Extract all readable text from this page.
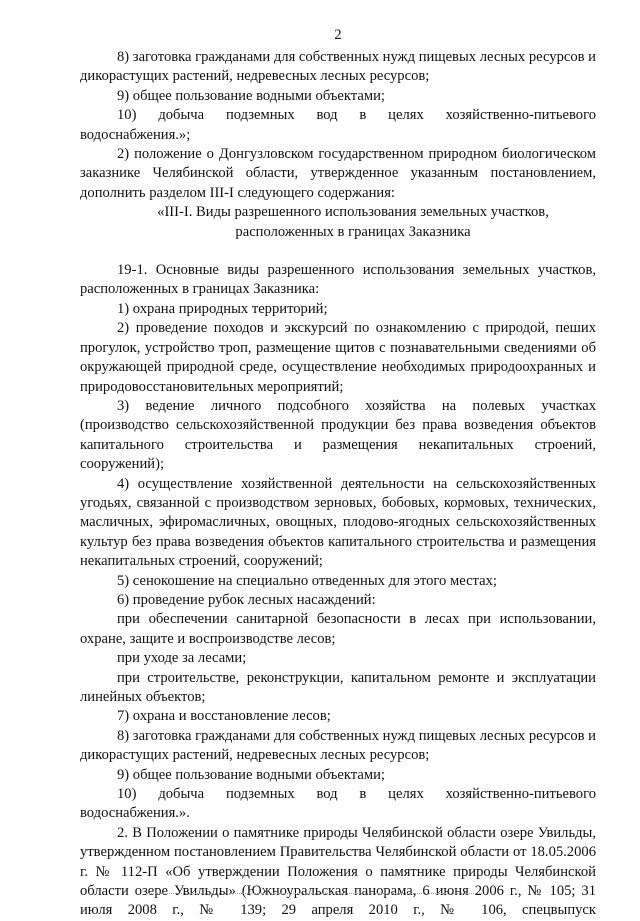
2

8) заготовка гражданами для собственных нужд пищевых лесных ресурсов и дикорастущих растений, недревесных лесных ресурсов;

9) общее пользование водными объектами;

10) добыча подземных вод в целях хозяйственно-питьевого водоснабжения.»;

2) положение о Донгузловском государственном природном биологическом заказнике Челябинской области, утвержденное указанным постановлением, дополнить разделом III-I следующего содержания:

«III-I. Виды разрешенного использования земельных участков,

расположенных в границах Заказника

19-1. Основные виды разрешенного использования земельных участков, расположенных в границах Заказника:

1) охрана природных территорий;

2) проведение походов и экскурсий по ознакомлению с природой, пеших прогулок, устройство троп, размещение щитов с познавательными сведениями об окружающей природной среде, осуществление необходимых природоохранных и природовосстановительных мероприятий;

3) ведение личного подсобного хозяйства на полевых участках (производство сельскохозяйственной продукции без права возведения объектов капитального строительства и размещения некапитальных строений, сооружений);

4) осуществление хозяйственной деятельности на сельскохозяйственных угодьях, связанной с производством зерновых, бобовых, кормовых, технических, масличных, эфиромасличных, овощных, плодово-ягодных сельскохозяйственных культур без права возведения объектов капитального строительства и размещения некапитальных строений, сооружений;

5) сенокошение на специально отведенных для этого местах;

6) проведение рубок лесных насаждений:

при обеспечении санитарной безопасности в лесах при использовании, охране, защите и воспроизводстве лесов;

при уходе за лесами;

при строительстве, реконструкции, капитальном ремонте и эксплуатации линейных объектов;

7) охрана и восстановление лесов;

8) заготовка гражданами для собственных нужд пищевых лесных ресурсов и дикорастущих растений, недревесных лесных ресурсов;

9) общее пользование водными объектами;

10) добыча подземных вод в целях хозяйственно-питьевого водоснабжения.».

2. В Положении о памятнике природы Челябинской области озере Увильды, утвержденном постановлением Правительства Челябинской области от 18.05.2006 г. № 112-П «Об утверждении Положения о памятнике природы Челябинской области озере Увильды» (Южноуральская панорама, 6 июня 2006 г., № 105; 31 июля 2008 г., № 139; 29 апреля 2010 г., № 106, спецвыпуск
